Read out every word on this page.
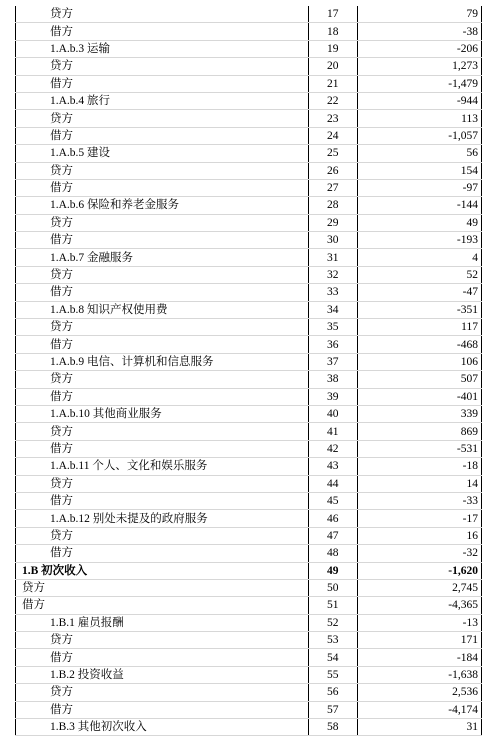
贷方	17	79
借方	18	-38
1.A.b.3 运输	19	-206
贷方	20	1,273
借方	21	-1,479
1.A.b.4 旅行	22	-944
贷方	23	113
借方	24	-1,057
1.A.b.5 建设	25	56
贷方	26	154
借方	27	-97
1.A.b.6 保险和养老金服务	28	-144
贷方	29	49
借方	30	-193
1.A.b.7 金融服务	31	4
贷方	32	52
借方	33	-47
1.A.b.8 知识产权使用费	34	-351
贷方	35	117
借方	36	-468
1.A.b.9 电信、计算机和信息服务	37	106
贷方	38	507
借方	39	-401
1.A.b.10 其他商业服务	40	339
贷方	41	869
借方	42	-531
1.A.b.11 个人、文化和娱乐服务	43	-18
贷方	44	14
借方	45	-33
1.A.b.12 别处未提及的政府服务	46	-17
贷方	47	16
借方	48	-32
1.B 初次收入	49	-1,620
贷方	50	2,745
借方	51	-4,365
1.B.1 雇员报酬	52	-13
贷方	53	171
借方	54	-184
1.B.2 投资收益	55	-1,638
贷方	56	2,536
借方	57	-4,174
1.B.3 其他初次收入	58	31
